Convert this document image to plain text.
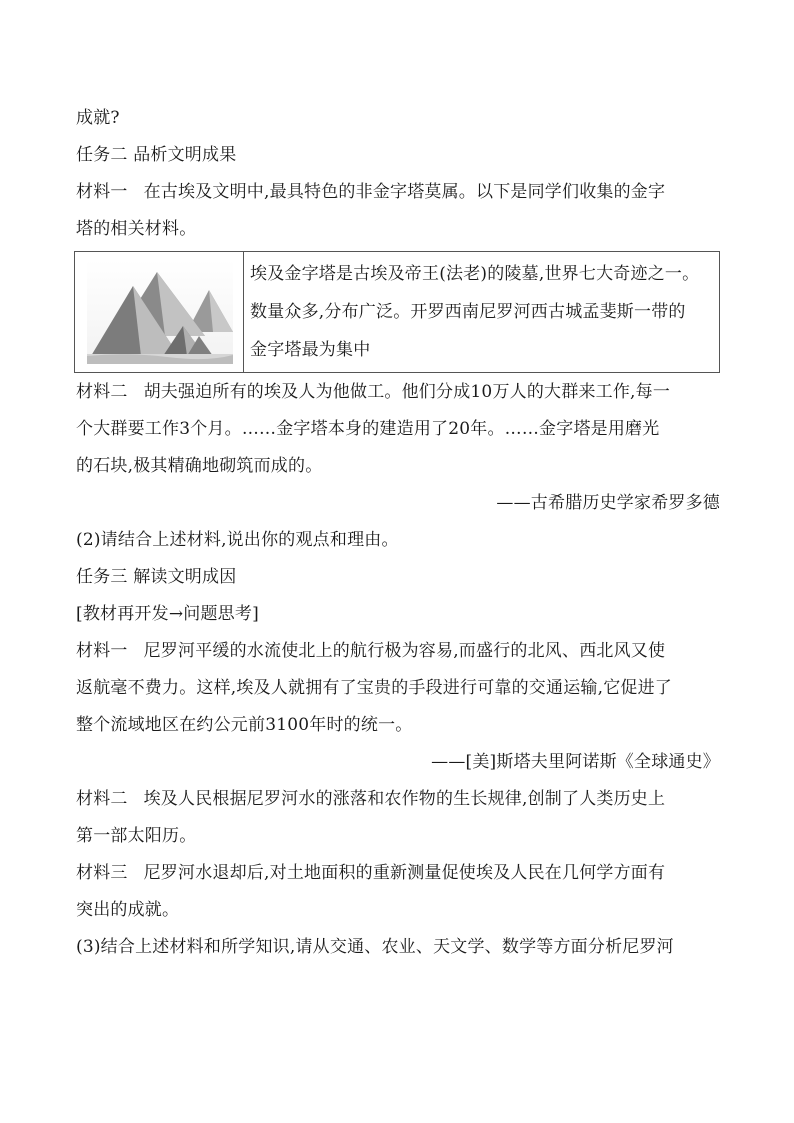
成就?
任务二 品析文明成果
材料一 在古埃及文明中,最具特色的非金字塔莫属。以下是同学们收集的金字
塔的相关材料。

埃及金字塔是古埃及帝王(法老)的陵墓,世界七大奇迹之一。
数量众多,分布广泛。开罗西南尼罗河西古城孟斐斯一带的
金字塔最为集中
材料二 胡夫强迫所有的埃及人为他做工。他们分成10万人的大群来工作,每一
个大群要工作3个月。……金字塔本身的建造用了20年。……金字塔是用磨光
的石块,极其精确地砌筑而成的。
——古希腊历史学家希罗多德
(2)请结合上述材料,说出你的观点和理由。
任务三 解读文明成因
[教材再开发→问题思考]
材料一 尼罗河平缓的水流使北上的航行极为容易,而盛行的北风、西北风又使
返航毫不费力。这样,埃及人就拥有了宝贵的手段进行可靠的交通运输,它促进了
整个流域地区在约公元前3100年时的统一。
——[美]斯塔夫里阿诺斯《全球通史》
材料二 埃及人民根据尼罗河水的涨落和农作物的生长规律,创制了人类历史上
第一部太阳历。
材料三 尼罗河水退却后,对土地面积的重新测量促使埃及人民在几何学方面有
突出的成就。
(3)结合上述材料和所学知识,请从交通、农业、天文学、数学等方面分析尼罗河
